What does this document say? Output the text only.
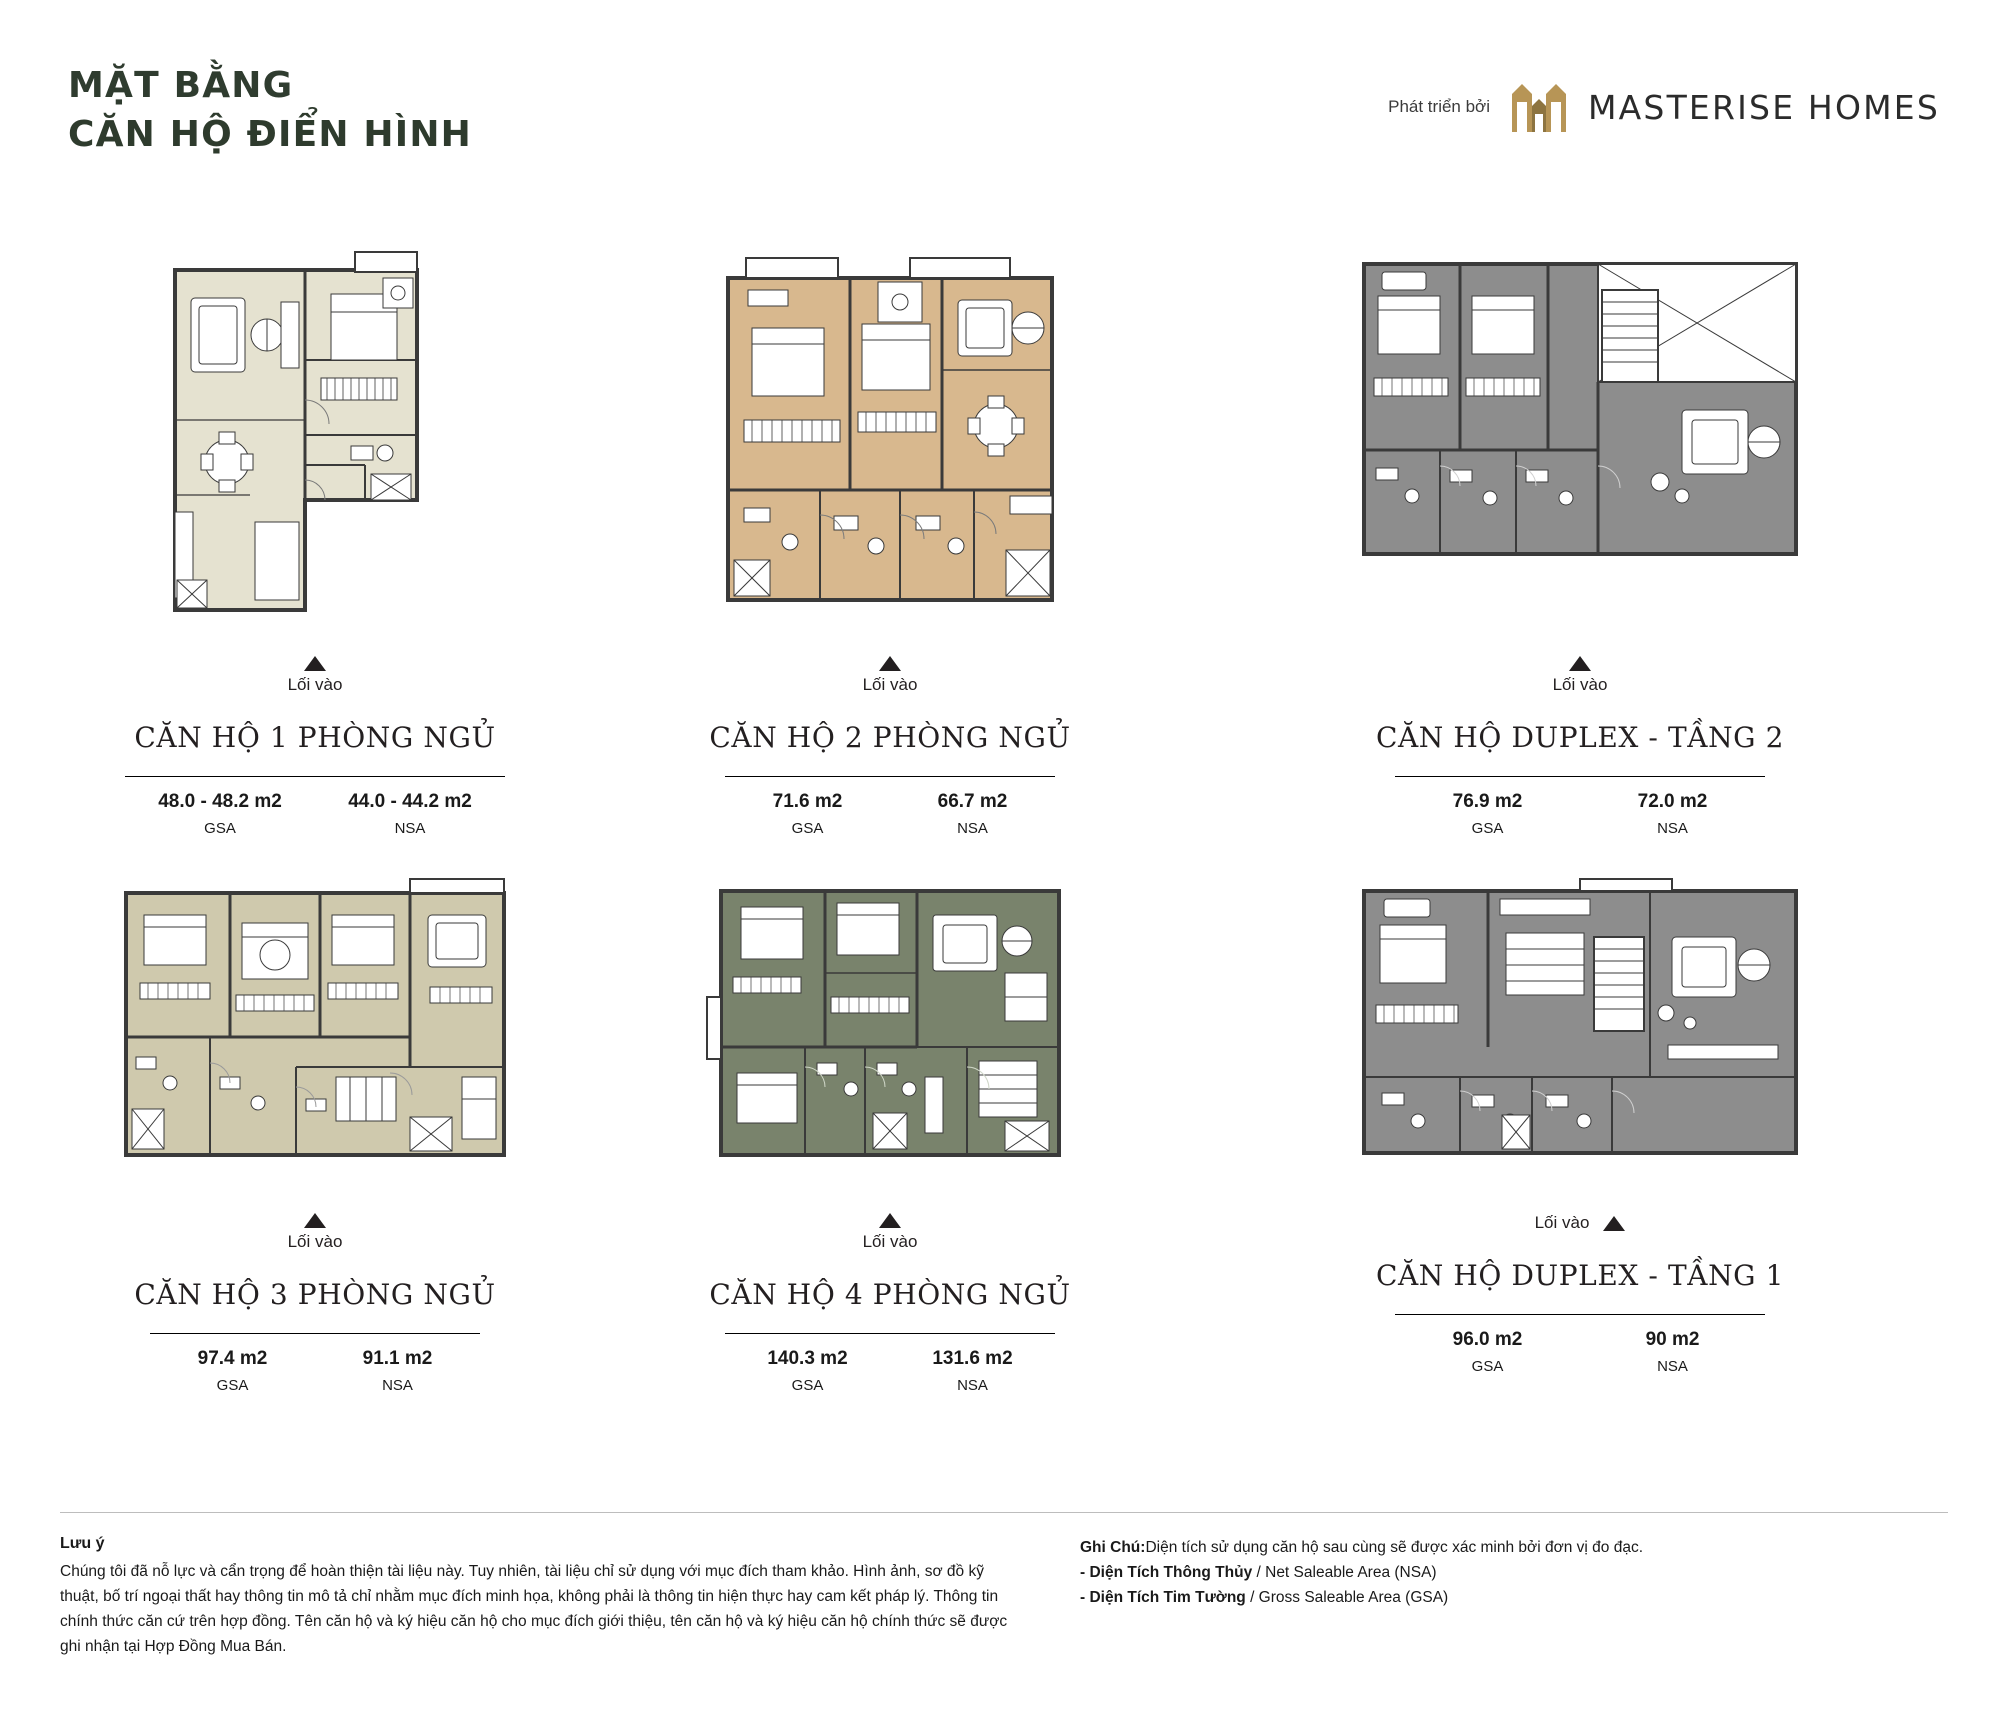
MẶT BẰNG
CĂN HỘ ĐIỂN HÌNH
Phát triển bởi	MASTERISE HOMES
Lối vào
CĂN HỘ 1 PHÒNG NGỦ
48.0 - 48.2 m2
GSA
44.0 - 44.2 m2
NSA
Lối vào
CĂN HỘ 2 PHÒNG NGỦ
71.6 m2
GSA
66.7 m2
NSA
Lối vào
CĂN HỘ DUPLEX - TẦNG 2
76.9 m2
GSA
72.0 m2
NSA
Lối vào
CĂN HỘ 3 PHÒNG NGỦ
97.4 m2
GSA
91.1 m2
NSA
Lối vào
CĂN HỘ 4 PHÒNG NGỦ
140.3 m2
GSA
131.6 m2
NSA
Lối vào
CĂN HỘ DUPLEX - TẦNG 1
96.0 m2
GSA
90 m2
NSA
Lưu ý
Chúng tôi đã nỗ lực và cẩn trọng để hoàn thiện tài liệu này. Tuy nhiên, tài liệu chỉ sử dụng với mục đích tham khảo. Hình ảnh, sơ đồ kỹ thuật, bố trí ngoại thất hay thông tin mô tả chỉ nhằm mục đích minh họa, không phải là thông tin hiện thực hay cam kết pháp lý. Thông tin chính thức căn cứ trên hợp đồng. Tên căn hộ và ký hiệu căn hộ cho mục đích giới thiệu, tên căn hộ và ký hiệu căn hộ chính thức sẽ được ghi nhận tại Hợp Đồng Mua Bán.
Ghi Chú:Diện tích sử dụng căn hộ sau cùng sẽ được xác minh bởi đơn vị đo đạc.
- Diện Tích Thông Thủy / Net Saleable Area (NSA)
- Diện Tích Tim Tường / Gross Saleable Area (GSA)
